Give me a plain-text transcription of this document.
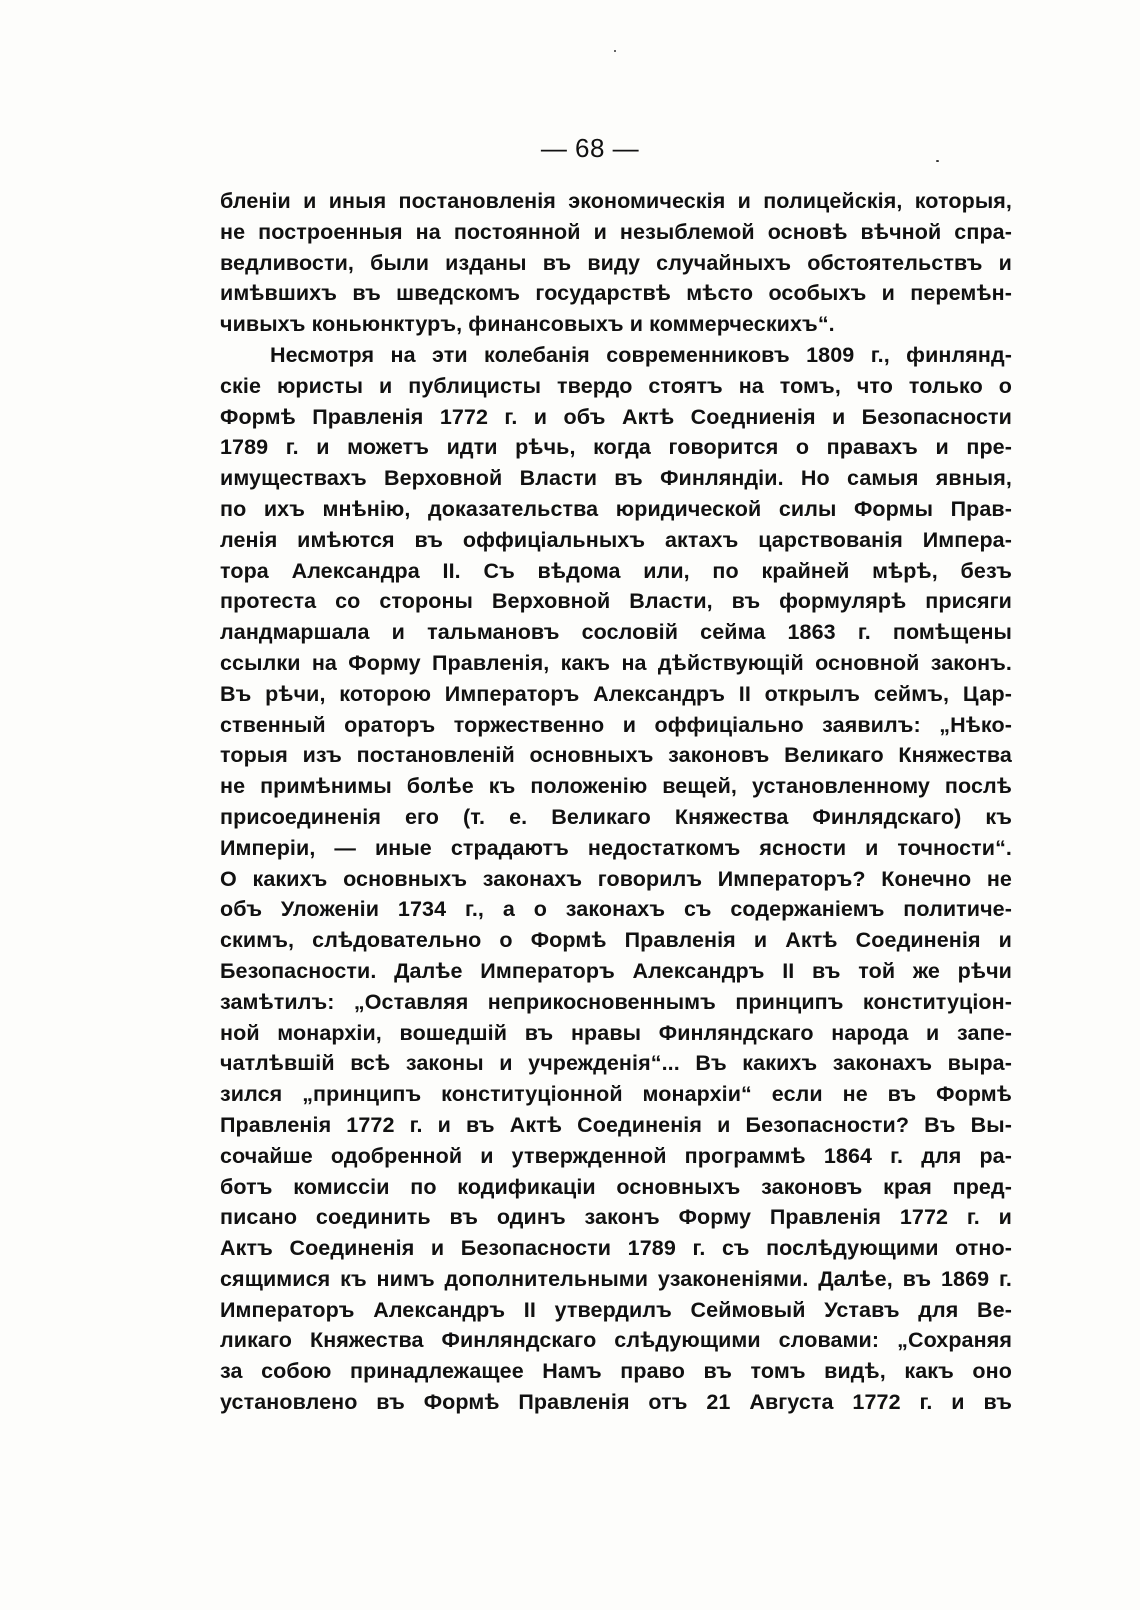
— 68 —
бленіи и иныя постановленія экономическія и полицейскія, которыя,
не построенныя на постоянной и незыблемой основѣ вѣчной спра-
ведливости, были изданы въ виду случайныхъ обстоятельствъ и
имѣвшихъ въ шведскомъ государствѣ мѣсто особыхъ и перемѣн-
чивыхъ коньюнктуръ, финансовыхъ и коммерческихъ“.
Несмотря на эти колебанія современниковъ 1809 г., финлянд-
скіе юристы и публицисты твердо стоятъ на томъ, что только о
Формѣ Правленія 1772 г. и объ Актѣ Соедниенія и Безопасности
1789 г. и можетъ идти рѣчь, когда говорится о правахъ и пре-
имуществахъ Верховной Власти въ Финляндіи. Но самыя явныя,
по ихъ мнѣнію, доказательства юридической силы Формы Прав-
ленія имѣются въ оффиціальныхъ актахъ царствованія Импера-
тора Александра II. Съ вѣдома или, по крайней мѣрѣ, безъ
протеста со стороны Верховной Власти, въ формулярѣ присяги
ландмаршала и тальмановъ сословій сейма 1863 г. помѣщены
ссылки на Форму Правленія, какъ на дѣйствующій основной законъ.
Въ рѣчи, которою Императоръ Александръ II открылъ сеймъ, Цар-
ственный ораторъ торжественно и оффиціально заявилъ: „Нѣко-
торыя изъ постановленій основныхъ законовъ Великаго Княжества
не примѣнимы болѣе къ положенію вещей, установленному послѣ
присоединенія его (т. е. Великаго Княжества Финлядскаго) къ
Имперіи, — иные страдаютъ недостаткомъ ясности и точности“.
О какихъ основныхъ законахъ говорилъ Императоръ? Конечно не
объ Уложеніи 1734 г., а о законахъ съ содержаніемъ политиче-
скимъ, слѣдовательно о Формѣ Правленія и Актѣ Соединенія и
Безопасности. Далѣе Императоръ Александръ II въ той же рѣчи
замѣтилъ: „Оставляя неприкосновеннымъ принципъ конституціон-
ной монархіи, вошедшій въ нравы Финляндскаго народа и запе-
чатлѣвшій всѣ законы и учрежденія“... Въ какихъ законахъ выра-
зился „принципъ конституціонной монархіи“ если не въ Формѣ
Правленія 1772 г. и въ Актѣ Соединенія и Безопасности? Въ Вы-
сочайше одобренной и утвержденной программѣ 1864 г. для ра-
ботъ комиссіи по кодификаціи основныхъ законовъ края пред-
писано соединить въ одинъ законъ Форму Правленія 1772 г. и
Актъ Соединенія и Безопасности 1789 г. съ послѣдующими отно-
сящимися къ нимъ дополнительными узаконеніями. Далѣе, въ 1869 г.
Императоръ Александръ II утвердилъ Сеймовый Уставъ для Ве-
ликаго Княжества Финляндскаго слѣдующими словами: „Сохраняя
за собою принадлежащее Намъ право въ томъ видѣ, какъ оно
установлено въ Формѣ Правленія отъ 21 Августа 1772 г. и въ
